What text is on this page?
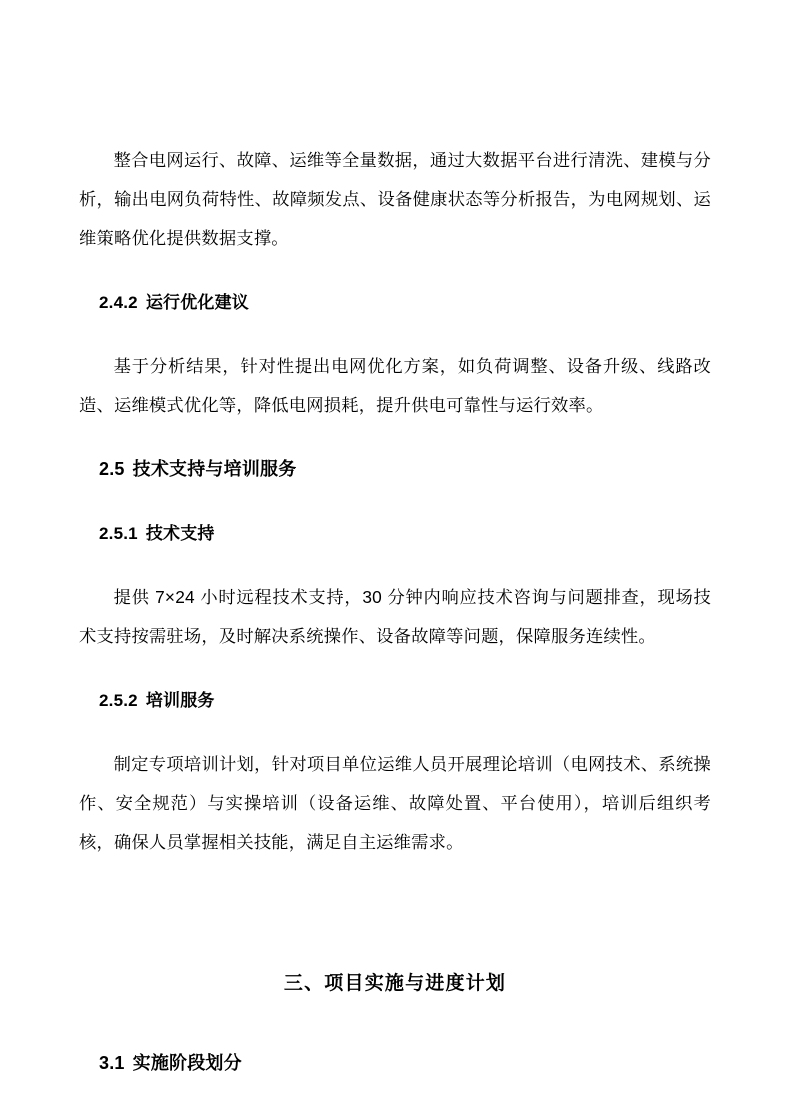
整合电网运行、故障、运维等全量数据，通过大数据平台进行清洗、建模与分析，输出电网负荷特性、故障频发点、设备健康状态等分析报告，为电网规划、运维策略优化提供数据支撑。

2.4.2 运行优化建议

基于分析结果，针对性提出电网优化方案，如负荷调整、设备升级、线路改造、运维模式优化等，降低电网损耗，提升供电可靠性与运行效率。

2.5 技术支持与培训服务
2.5.1 技术支持

提供 7×24 小时远程技术支持，30 分钟内响应技术咨询与问题排查，现场技术支持按需驻场，及时解决系统操作、设备故障等问题，保障服务连续性。

2.5.2 培训服务

制定专项培训计划，针对项目单位运维人员开展理论培训（电网技术、系统操作、安全规范）与实操培训（设备运维、故障处置、平台使用），培训后组织考核，确保人员掌握相关技能，满足自主运维需求。

三、项目实施与进度计划
3.1 实施阶段划分
